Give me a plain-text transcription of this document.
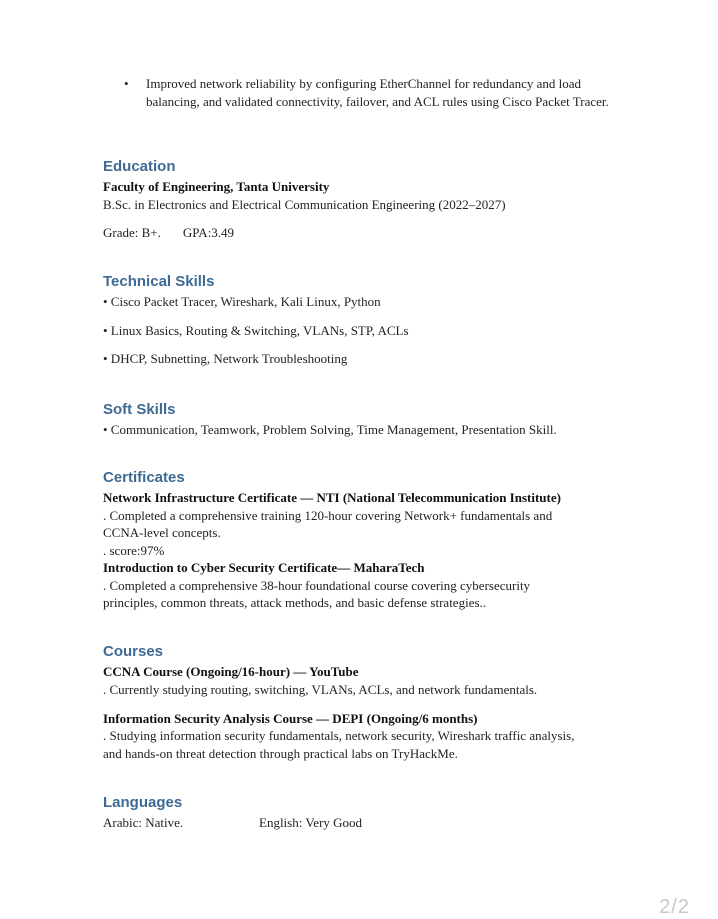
• Improved network reliability by configuring EtherChannel for redundancy and load balancing, and validated connectivity, failover, and ACL rules using Cisco Packet Tracer.
Education

Faculty of Engineering, Tanta University

B.Sc. in Electronics and Electrical Communication Engineering (2022–2027)

Grade: B+. GPA:3.49

Technical Skills

• Cisco Packet Tracer, Wireshark, Kali Linux, Python

• Linux Basics, Routing & Switching, VLANs, STP, ACLs

• DHCP, Subnetting, Network Troubleshooting

Soft Skills

• Communication, Teamwork, Problem Solving, Time Management, Presentation Skill.

Certificates

Network Infrastructure Certificate — NTI (National Telecommunication Institute)

. Completed a comprehensive training 120-hour covering Network+ fundamentals and

CCNA-level concepts.

. score:97%

Introduction to Cyber Security Certificate— MaharaTech

. Completed a comprehensive 38-hour foundational course covering cybersecurity

principles, common threats, attack methods, and basic defense strategies..

Courses

CCNA Course (Ongoing/16-hour) — YouTube

. Currently studying routing, switching, VLANs, ACLs, and network fundamentals.

Information Security Analysis Course — DEPI (Ongoing/6 months)

. Studying information security fundamentals, network security, Wireshark traffic analysis,

and hands-on threat detection through practical labs on TryHackMe.

Languages

Arabic: Native.	English: Very Good

2/2
